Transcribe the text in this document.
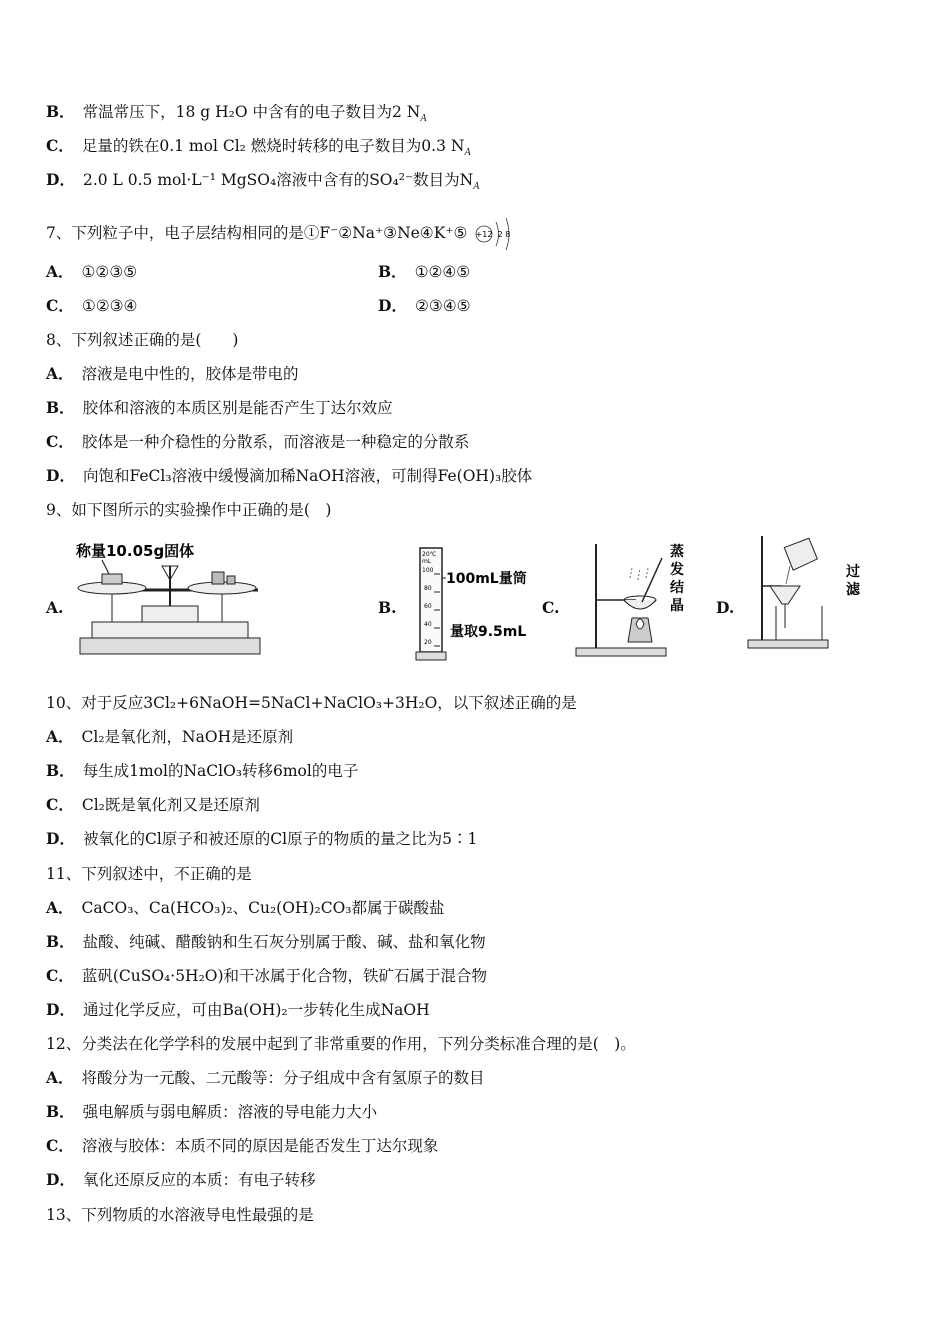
B． 常温常压下，18 g H₂O 中含有的电子数目为2 $N_A$
C． 足量的铁在0.1 mol Cl₂ 燃烧时转移的电子数目为0.3 $N_A$
D． 2.0 L 0.5 mol·L⁻¹ MgSO₄溶液中含有的SO₄²⁻数目为$N_A$
7、下列粒子中，电子层结构相同的是①F⁻②Na⁺③Ne④K⁺⑤ +12 2 8
A． ①②③⑤	B． ①②④⑤
C． ①②③④	D． ②③④⑤
8、下列叙述正确的是(　　)
A． 溶液是电中性的，胶体是带电的
B． 胶体和溶液的本质区别是能否产生丁达尔效应
C． 胶体是一种介稳性的分散系，而溶液是一种稳定的分散系
D． 向饱和FeCl₃溶液中缓慢滴加稀NaOH溶液，可制得Fe(OH)₃胶体
9、如下图所示的实验操作中正确的是(　)
A.
称量10.05g固体
B.
20℃
mL
100
80
60
40
20
100mL量筒
量取9.5mL
C.
蒸发结晶 D.
过滤
10、对于反应3Cl₂+6NaOH=5NaCl+NaClO₃+3H₂O，以下叙述正确的是
A． Cl₂是氧化剂，NaOH是还原剂
B． 每生成1mol的NaClO₃转移6mol的电子
C． Cl₂既是氧化剂又是还原剂
D． 被氧化的Cl原子和被还原的Cl原子的物质的量之比为5∶1
11、下列叙述中，不正确的是
A． CaCO₃、Ca(HCO₃)₂、Cu₂(OH)₂CO₃都属于碳酸盐
B． 盐酸、纯碱、醋酸钠和生石灰分别属于酸、碱、盐和氧化物
C． 蓝矾(CuSO₄·5H₂O)和干冰属于化合物，铁矿石属于混合物
D． 通过化学反应，可由Ba(OH)₂一步转化生成NaOH
12、分类法在化学学科的发展中起到了非常重要的作用，下列分类标准合理的是(　)。
A． 将酸分为一元酸、二元酸等：分子组成中含有氢原子的数目
B． 强电解质与弱电解质：溶液的导电能力大小
C． 溶液与胶体：本质不同的原因是能否发生丁达尔现象
D． 氧化还原反应的本质：有电子转移
13、下列物质的水溶液导电性最强的是
